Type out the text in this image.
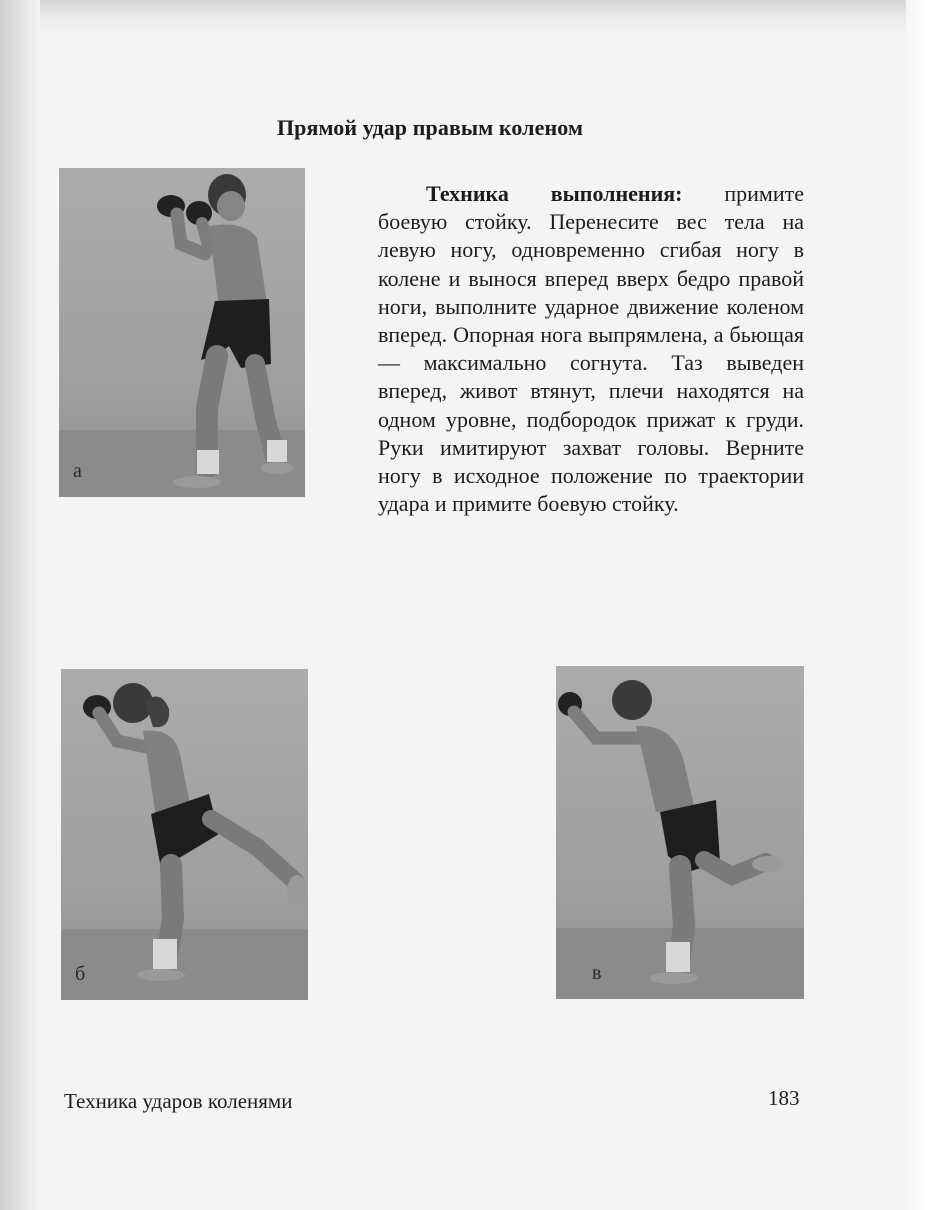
Прямой удар правым коленом
Техника выполнения: примите боевую стойку. Перенесите вес тела на левую ногу, одновременно сгибая ногу в колене и вынося вперед вверх бедро правой ноги, выполните ударное движение коленом вперед. Опорная нога выпрямлена, а бьющая — максимально согнута. Таз выведен вперед, живот втянут, плечи находятся на одном уровне, подбородок прижат к груди. Руки имитируют захват головы. Верните ногу в исходное положение по траектории удара и примите боевую стойку.
а
б	в
Техника ударов коленями	183
